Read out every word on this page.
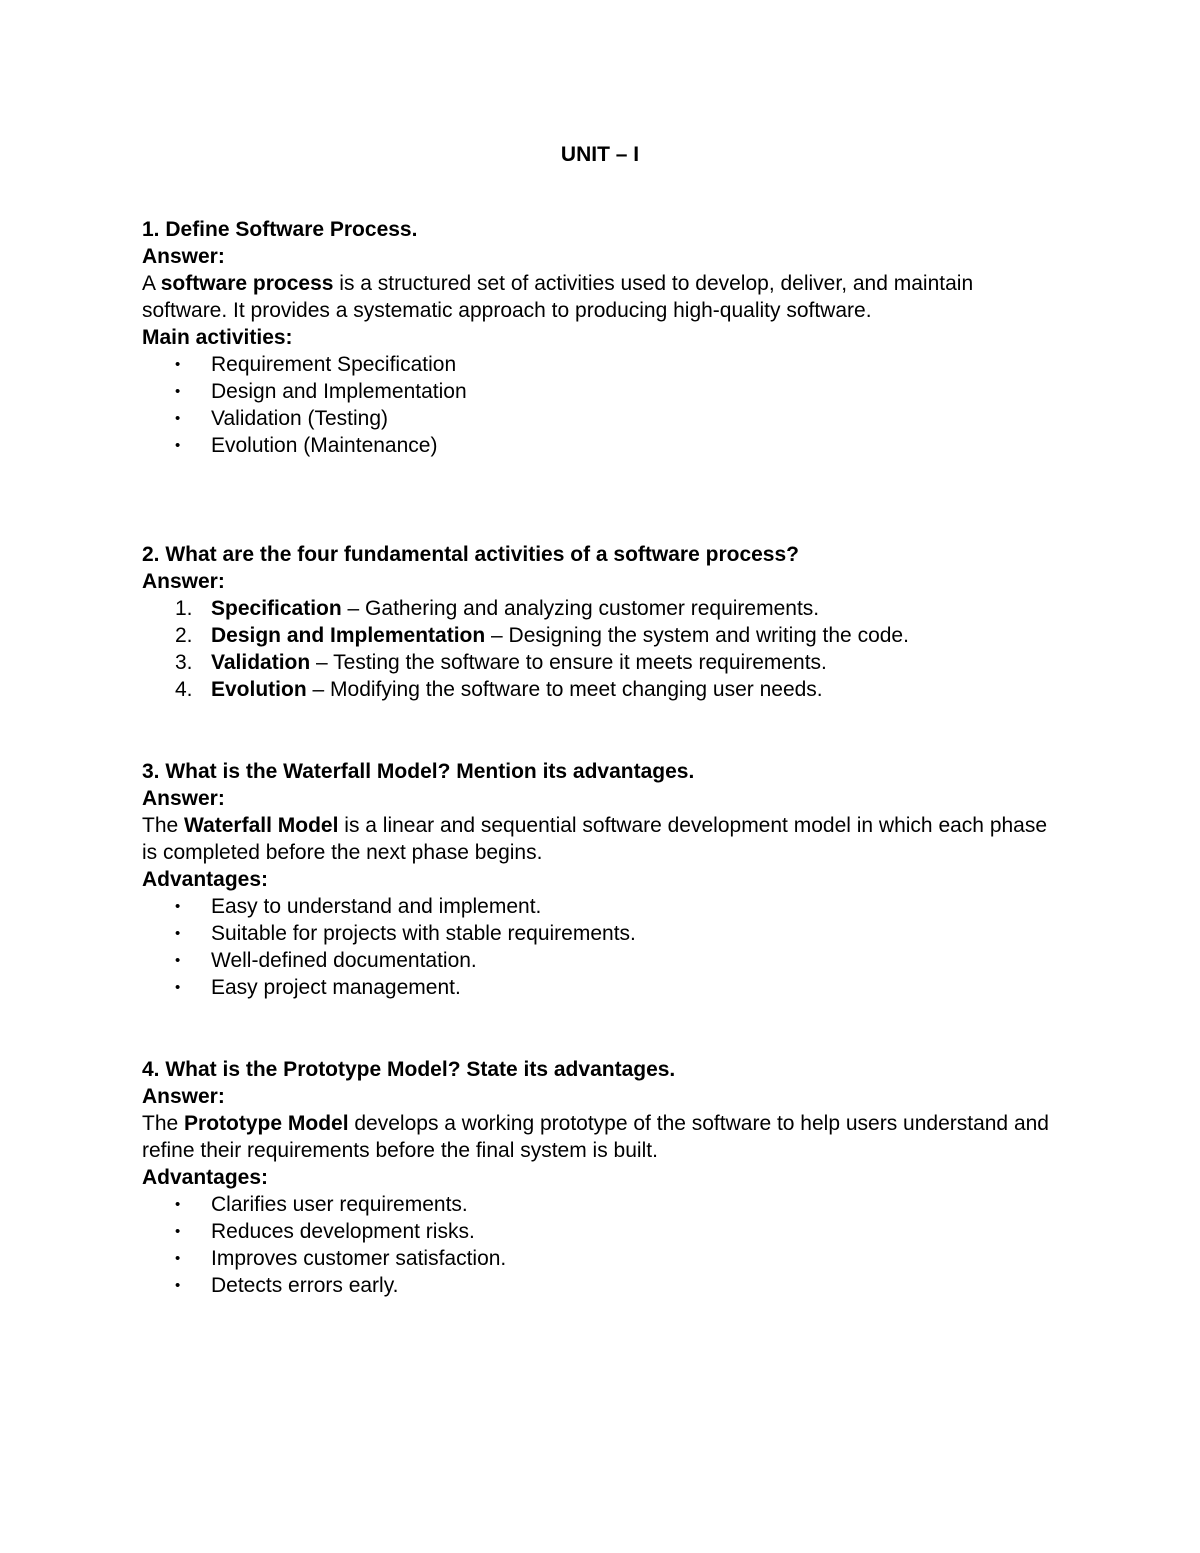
UNIT – I
1. Define Software Process.
Answer:

A software process is a structured set of activities used to develop, deliver, and maintain software. It provides a systematic approach to producing high-quality software.

Main activities:
•	Requirement Specification
•	Design and Implementation
•	Validation (Testing)
•	Evolution (Maintenance)
2. What are the four fundamental activities of a software process?
Answer:
1. Specification – Gathering and analyzing customer requirements.
2. Design and Implementation – Designing the system and writing the code.
3. Validation – Testing the software to ensure it meets requirements.
4. Evolution – Modifying the software to meet changing user needs.
3. What is the Waterfall Model? Mention its advantages.
Answer:

The Waterfall Model is a linear and sequential software development model in which each phase is completed before the next phase begins.

Advantages:
•	Easy to understand and implement.
•	Suitable for projects with stable requirements.
•	Well-defined documentation.
•	Easy project management.
4. What is the Prototype Model? State its advantages.
Answer:

The Prototype Model develops a working prototype of the software to help users understand and refine their requirements before the final system is built.

Advantages:
•	Clarifies user requirements.
•	Reduces development risks.
•	Improves customer satisfaction.
•	Detects errors early.
